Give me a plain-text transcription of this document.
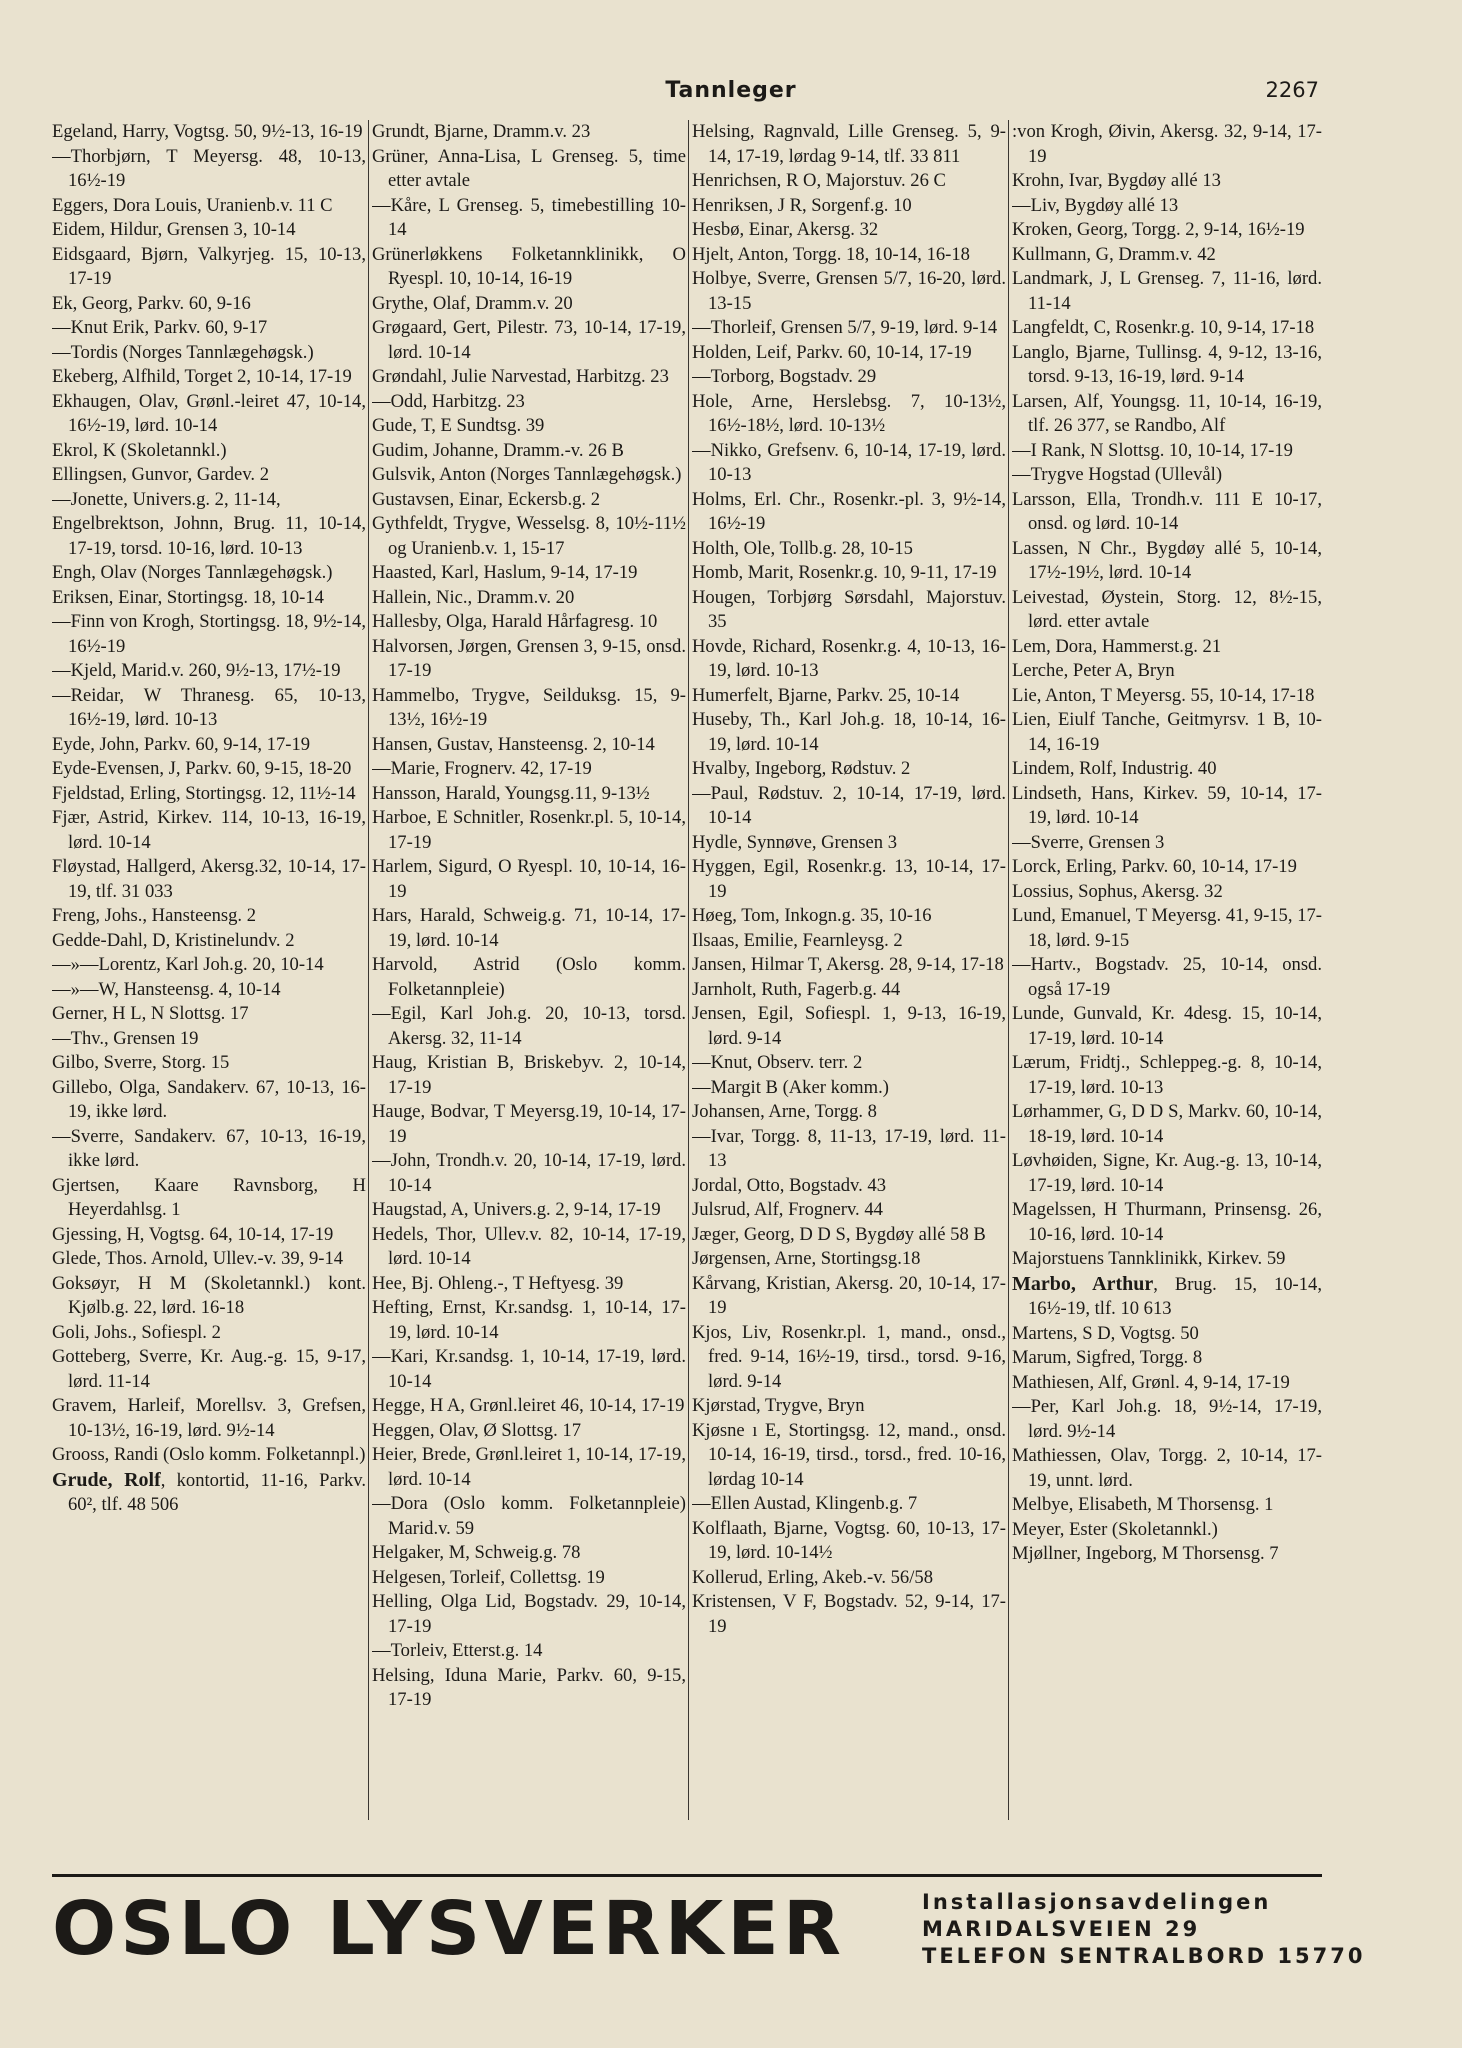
Tannleger	2267

Egeland, Harry, Vogtsg. 50, 9½-13, 16-19

—Thorbjørn, T Meyersg. 48, 10-13, 16½-19

Eggers, Dora Louis, Uranienb.v. 11 C

Eidem, Hildur, Grensen 3, 10-14

Eidsgaard, Bjørn, Valkyrjeg. 15, 10-13, 17-19

Ek, Georg, Parkv. 60, 9-16

—Knut Erik, Parkv. 60, 9-17

—Tordis (Norges Tannlægehøgsk.)

Ekeberg, Alfhild, Torget 2, 10-14, 17-19

Ekhaugen, Olav, Grønl.-leiret 47, 10-14, 16½-19, lørd. 10-14

Ekrol, K (Skoletannkl.)

Ellingsen, Gunvor, Gardev. 2

—Jonette, Univers.g. 2, 11-14,

Engelbrektson, Johnn, Brug. 11, 10-14, 17-19, torsd. 10-16, lørd. 10-13

Engh, Olav (Norges Tannlægehøgsk.)

Eriksen, Einar, Stortingsg. 18, 10-14

—Finn von Krogh, Stortingsg. 18, 9½-14, 16½-19

—Kjeld, Marid.v. 260, 9½-13, 17½-19

—Reidar, W Thranesg. 65, 10-13, 16½-19, lørd. 10-13

Eyde, John, Parkv. 60, 9-14, 17-19

Eyde-Evensen, J, Parkv. 60, 9-15, 18-20

Fjeldstad, Erling, Stortingsg. 12, 11½-14

Fjær, Astrid, Kirkev. 114, 10-13, 16-19, lørd. 10-14

Fløystad, Hallgerd, Akersg.32, 10-14, 17-19, tlf. 31 033

Freng, Johs., Hansteensg. 2

Gedde-Dahl, D, Kristinelundv. 2

—»—Lorentz, Karl Joh.g. 20, 10-14

—»—W, Hansteensg. 4, 10-14

Gerner, H L, N Slottsg. 17

—Thv., Grensen 19

Gilbo, Sverre, Storg. 15

Gillebo, Olga, Sandakerv. 67, 10-13, 16-19, ikke lørd.

—Sverre, Sandakerv. 67, 10-13, 16-19, ikke lørd.

Gjertsen, Kaare Ravnsborg, H Heyerdahlsg. 1

Gjessing, H, Vogtsg. 64, 10-14, 17-19

Glede, Thos. Arnold, Ullev.-v. 39, 9-14

Goksøyr, H M (Skoletannkl.) kont. Kjølb.g. 22, lørd. 16-18

Goli, Johs., Sofiespl. 2

Gotteberg, Sverre, Kr. Aug.-g. 15, 9-17, lørd. 11-14

Gravem, Harleif, Morellsv. 3, Grefsen, 10-13½, 16-19, lørd. 9½-14

Grooss, Randi (Oslo komm. Folketannpl.)

Grude, Rolf, kontortid, 11-16, Parkv. 60², tlf. 48 506

Grundt, Bjarne, Dramm.v. 23

Grüner, Anna-Lisa, L Grenseg. 5, time etter avtale

—Kåre, L Grenseg. 5, timebestilling 10-14

Grünerløkkens Folketannklinikk, O Ryespl. 10, 10-14, 16-19

Grythe, Olaf, Dramm.v. 20

Grøgaard, Gert, Pilestr. 73, 10-14, 17-19, lørd. 10-14

Grøndahl, Julie Narvestad, Harbitzg. 23

—Odd, Harbitzg. 23

Gude, T, E Sundtsg. 39

Gudim, Johanne, Dramm.-v. 26 B

Gulsvik, Anton (Norges Tannlægehøgsk.)

Gustavsen, Einar, Eckersb.g. 2

Gythfeldt, Trygve, Wesselsg. 8, 10½-11½ og Uranienb.v. 1, 15-17

Haasted, Karl, Haslum, 9-14, 17-19

Hallein, Nic., Dramm.v. 20

Hallesby, Olga, Harald Hårfagresg. 10

Halvorsen, Jørgen, Grensen 3, 9-15, onsd. 17-19

Hammelbo, Trygve, Seilduksg. 15, 9-13½, 16½-19

Hansen, Gustav, Hansteensg. 2, 10-14

—Marie, Frognerv. 42, 17-19

Hansson, Harald, Youngsg.11, 9-13½

Harboe, E Schnitler, Rosenkr.pl. 5, 10-14, 17-19

Harlem, Sigurd, O Ryespl. 10, 10-14, 16-19

Hars, Harald, Schweig.g. 71, 10-14, 17-19, lørd. 10-14

Harvold, Astrid (Oslo komm. Folketannpleie)

—Egil, Karl Joh.g. 20, 10-13, torsd. Akersg. 32, 11-14

Haug, Kristian B, Briskebyv. 2, 10-14, 17-19

Hauge, Bodvar, T Meyersg.19, 10-14, 17-19

—John, Trondh.v. 20, 10-14, 17-19, lørd. 10-14

Haugstad, A, Univers.g. 2, 9-14, 17-19

Hedels, Thor, Ullev.v. 82, 10-14, 17-19, lørd. 10-14

Hee, Bj. Ohleng.-, T Heftyesg. 39

Hefting, Ernst, Kr.sandsg. 1, 10-14, 17-19, lørd. 10-14

—Kari, Kr.sandsg. 1, 10-14, 17-19, lørd. 10-14

Hegge, H A, Grønl.leiret 46, 10-14, 17-19

Heggen, Olav, Ø Slottsg. 17

Heier, Brede, Grønl.leiret 1, 10-14, 17-19, lørd. 10-14

—Dora (Oslo komm. Folketannpleie) Marid.v. 59

Helgaker, M, Schweig.g. 78

Helgesen, Torleif, Collettsg. 19

Helling, Olga Lid, Bogstadv. 29, 10-14, 17-19

—Torleiv, Etterst.g. 14

Helsing, Iduna Marie, Parkv. 60, 9-15, 17-19

Helsing, Ragnvald, Lille Grenseg. 5, 9-14, 17-19, lørdag 9-14, tlf. 33 811

Henrichsen, R O, Majorstuv. 26 C

Henriksen, J R, Sorgenf.g. 10

Hesbø, Einar, Akersg. 32

Hjelt, Anton, Torgg. 18, 10-14, 16-18

Holbye, Sverre, Grensen 5/7, 16-20, lørd. 13-15

—Thorleif, Grensen 5/7, 9-19, lørd. 9-14

Holden, Leif, Parkv. 60, 10-14, 17-19

—Torborg, Bogstadv. 29

Hole, Arne, Herslebsg. 7, 10-13½, 16½-18½, lørd. 10-13½

—Nikko, Grefsenv. 6, 10-14, 17-19, lørd. 10-13

Holms, Erl. Chr., Rosenkr.-pl. 3, 9½-14, 16½-19

Holth, Ole, Tollb.g. 28, 10-15

Homb, Marit, Rosenkr.g. 10, 9-11, 17-19

Hougen, Torbjørg Sørsdahl, Majorstuv. 35

Hovde, Richard, Rosenkr.g. 4, 10-13, 16-19, lørd. 10-13

Humerfelt, Bjarne, Parkv. 25, 10-14

Huseby, Th., Karl Joh.g. 18, 10-14, 16-19, lørd. 10-14

Hvalby, Ingeborg, Rødstuv. 2

—Paul, Rødstuv. 2, 10-14, 17-19, lørd. 10-14

Hydle, Synnøve, Grensen 3

Hyggen, Egil, Rosenkr.g. 13, 10-14, 17-19

Høeg, Tom, Inkogn.g. 35, 10-16

Ilsaas, Emilie, Fearnleysg. 2

Jansen, Hilmar T, Akersg. 28, 9-14, 17-18

Jarnholt, Ruth, Fagerb.g. 44

Jensen, Egil, Sofiespl. 1, 9-13, 16-19, lørd. 9-14

—Knut, Observ. terr. 2

—Margit B (Aker komm.)

Johansen, Arne, Torgg. 8

—Ivar, Torgg. 8, 11-13, 17-19, lørd. 11-13

Jordal, Otto, Bogstadv. 43

Julsrud, Alf, Frognerv. 44

Jæger, Georg, D D S, Bygdøy allé 58 B

Jørgensen, Arne, Stortingsg.18

Kårvang, Kristian, Akersg. 20, 10-14, 17-19

Kjos, Liv, Rosenkr.pl. 1, mand., onsd., fred. 9-14, 16½-19, tirsd., torsd. 9-16, lørd. 9-14

Kjørstad, Trygve, Bryn

Kjøsne ı E, Stortingsg. 12, mand., onsd. 10-14, 16-19, tirsd., torsd., fred. 10-16, lørdag 10-14

—Ellen Austad, Klingenb.g. 7

Kolflaath, Bjarne, Vogtsg. 60, 10-13, 17-19, lørd. 10-14½

Kollerud, Erling, Akeb.-v. 56/58

Kristensen, V F, Bogstadv. 52, 9-14, 17-19

:von Krogh, Øivin, Akersg. 32, 9-14, 17-19

Krohn, Ivar, Bygdøy allé 13

—Liv, Bygdøy allé 13

Kroken, Georg, Torgg. 2, 9-14, 16½-19

Kullmann, G, Dramm.v. 42

Landmark, J, L Grenseg. 7, 11-16, lørd. 11-14

Langfeldt, C, Rosenkr.g. 10, 9-14, 17-18

Langlo, Bjarne, Tullinsg. 4, 9-12, 13-16, torsd. 9-13, 16-19, lørd. 9-14

Larsen, Alf, Youngsg. 11, 10-14, 16-19, tlf. 26 377, se Randbo, Alf

—I Rank, N Slottsg. 10, 10-14, 17-19

—Trygve Hogstad (Ullevål)

Larsson, Ella, Trondh.v. 111 E 10-17, onsd. og lørd. 10-14

Lassen, N Chr., Bygdøy allé 5, 10-14, 17½-19½, lørd. 10-14

Leivestad, Øystein, Storg. 12, 8½-15, lørd. etter avtale

Lem, Dora, Hammerst.g. 21

Lerche, Peter A, Bryn

Lie, Anton, T Meyersg. 55, 10-14, 17-18

Lien, Eiulf Tanche, Geitmyrsv. 1 B, 10-14, 16-19

Lindem, Rolf, Industrig. 40

Lindseth, Hans, Kirkev. 59, 10-14, 17-19, lørd. 10-14

—Sverre, Grensen 3

Lorck, Erling, Parkv. 60, 10-14, 17-19

Lossius, Sophus, Akersg. 32

Lund, Emanuel, T Meyersg. 41, 9-15, 17-18, lørd. 9-15

—Hartv., Bogstadv. 25, 10-14, onsd. også 17-19

Lunde, Gunvald, Kr. 4desg. 15, 10-14, 17-19, lørd. 10-14

Lærum, Fridtj., Schleppeg.-g. 8, 10-14, 17-19, lørd. 10-13

Lørhammer, G, D D S, Markv. 60, 10-14, 18-19, lørd. 10-14

Løvhøiden, Signe, Kr. Aug.-g. 13, 10-14, 17-19, lørd. 10-14

Magelssen, H Thurmann, Prinsensg. 26, 10-16, lørd. 10-14

Majorstuens Tannklinikk, Kirkev. 59

Marbo, Arthur, Brug. 15, 10-14, 16½-19, tlf. 10 613

Martens, S D, Vogtsg. 50

Marum, Sigfred, Torgg. 8

Mathiesen, Alf, Grønl. 4, 9-14, 17-19

—Per, Karl Joh.g. 18, 9½-14, 17-19, lørd. 9½-14

Mathiessen, Olav, Torgg. 2, 10-14, 17-19, unnt. lørd.

Melbye, Elisabeth, M Thorsensg. 1

Meyer, Ester (Skoletannkl.)

Mjøllner, Ingeborg, M Thorsensg. 7

OSLO LYSVERKER	Installasjonsavdelingen
MARIDALSVEIEN 29
TELEFON SENTRALBORD 15770
